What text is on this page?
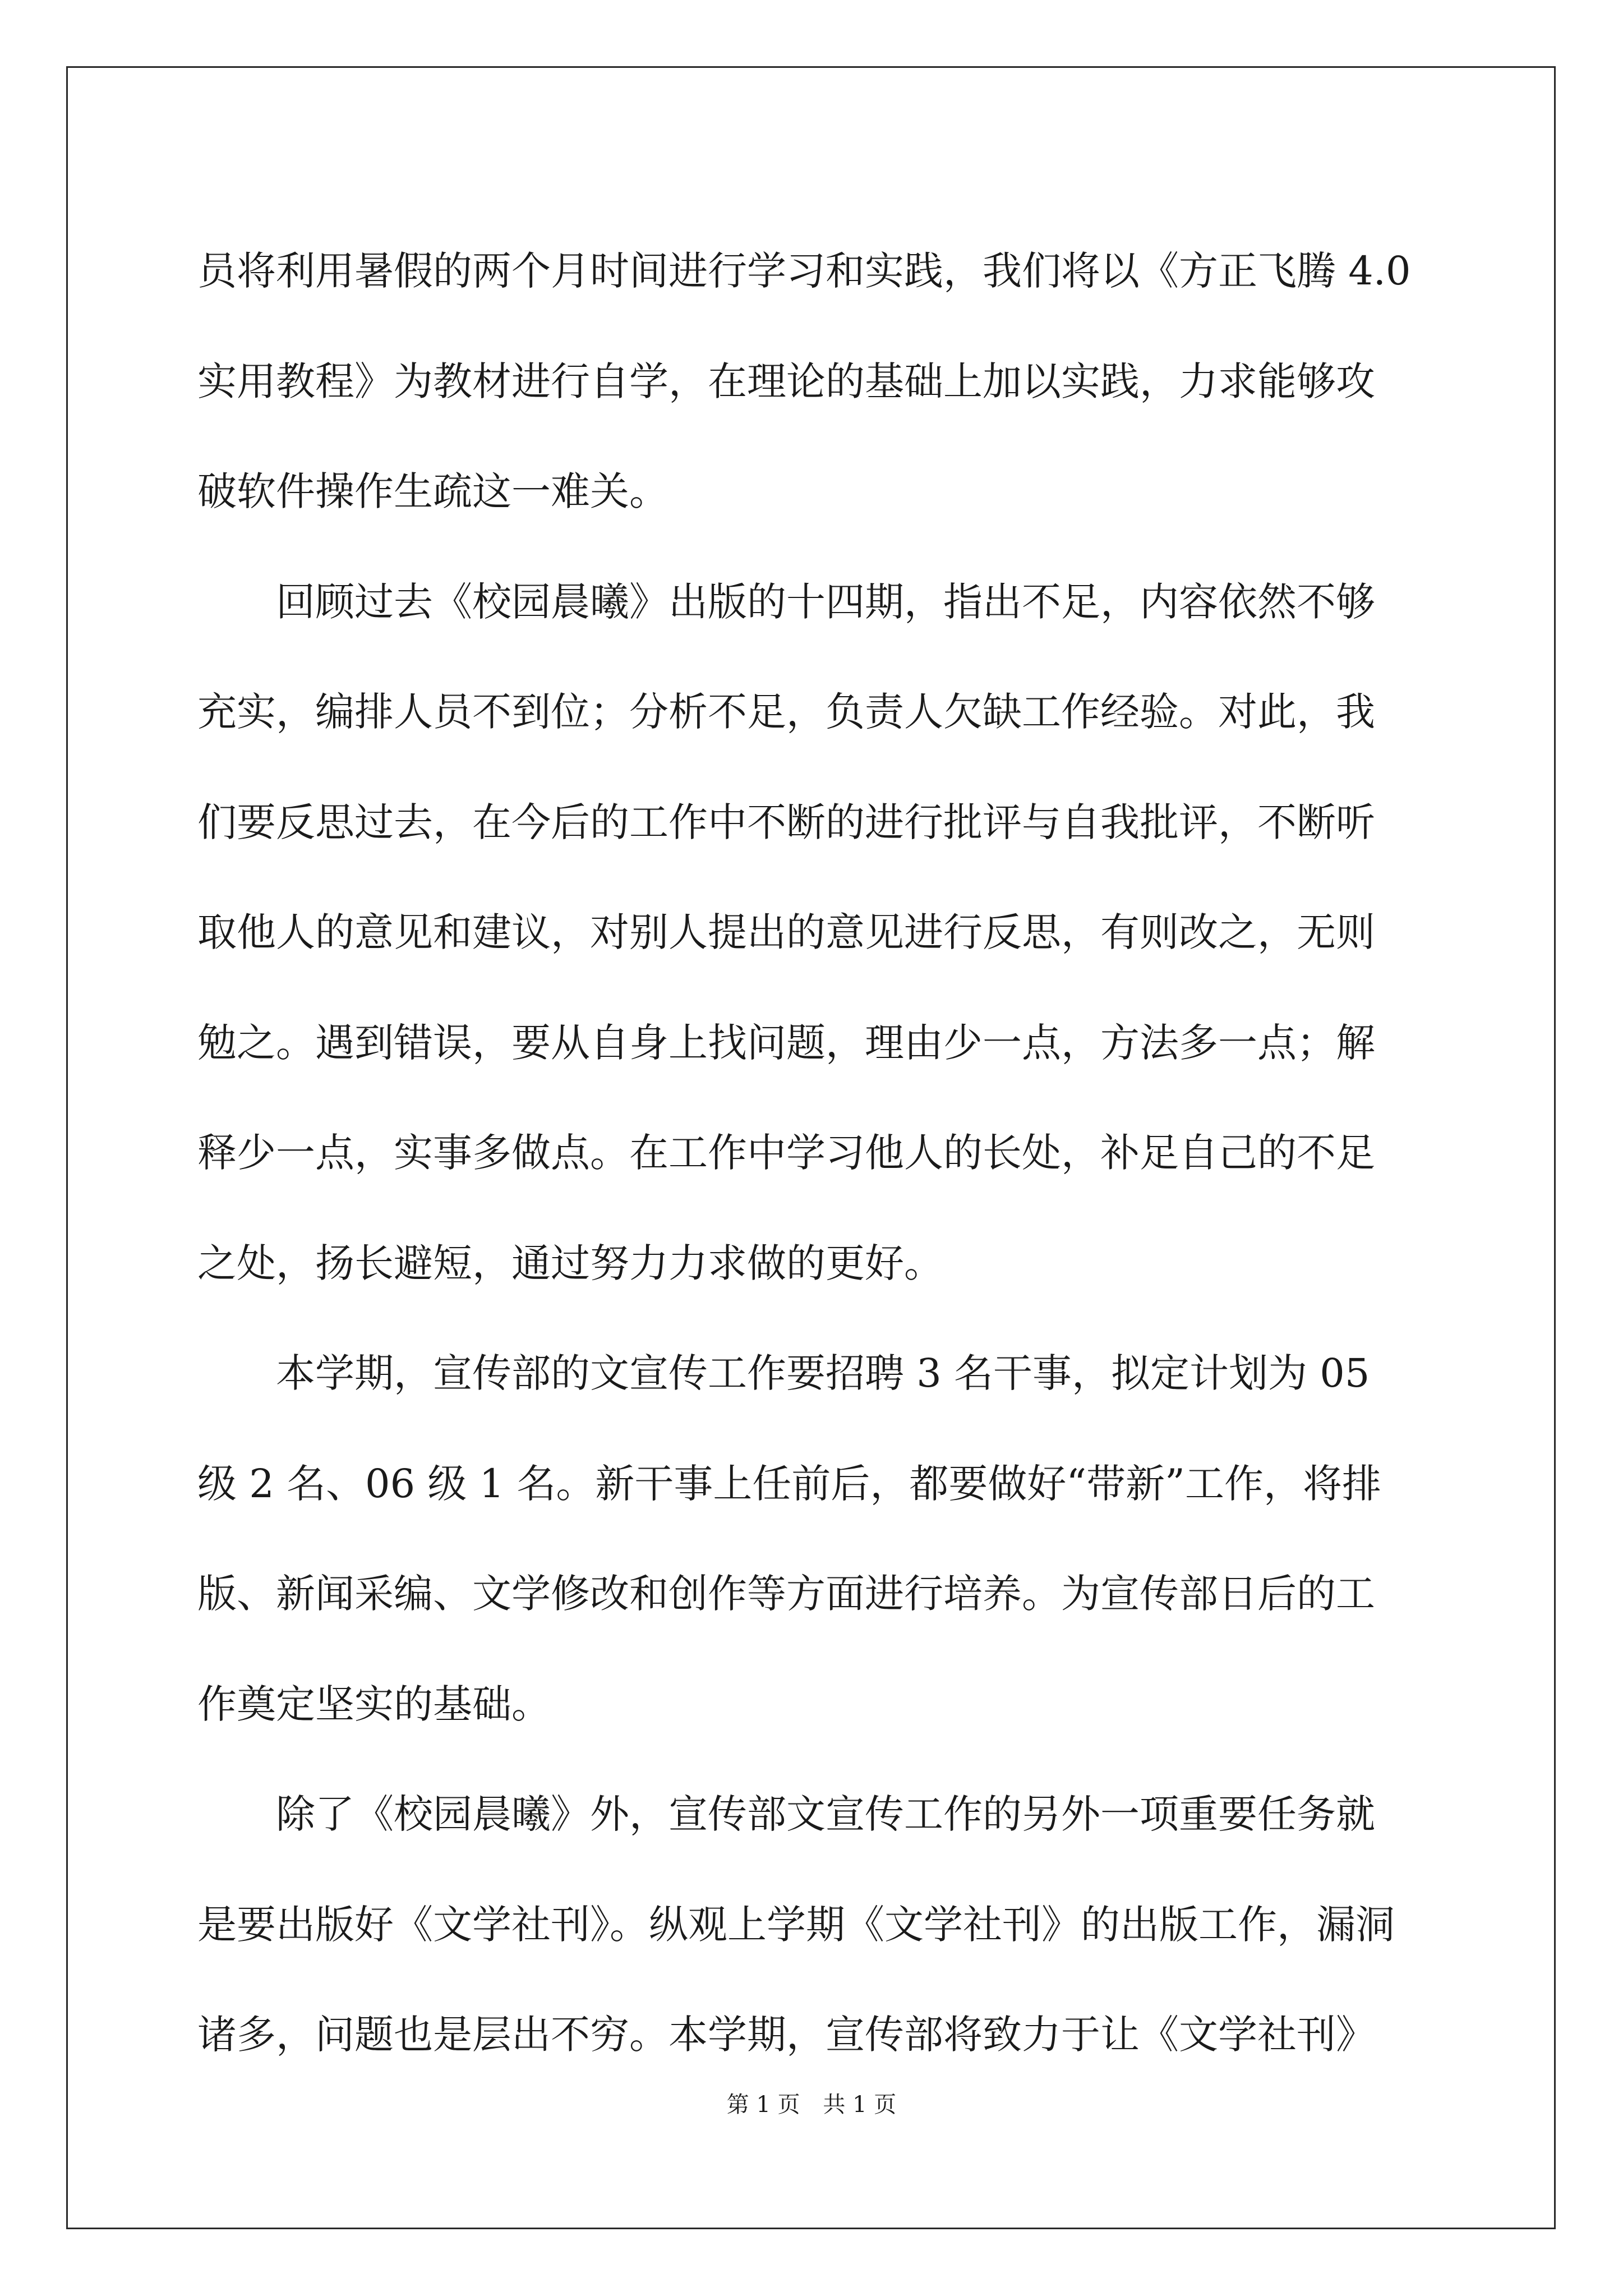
员将利用暑假的两个月时间进行学习和实践，我们将以《方正飞腾 4.0
实用教程》为教材进行自学，在理论的基础上加以实践，力求能够攻
破软件操作生疏这一难关。
　　回顾过去《校园晨曦》出版的十四期，指出不足，内容依然不够
充实，编排人员不到位；分析不足，负责人欠缺工作经验。对此，我
们要反思过去，在今后的工作中不断的进行批评与自我批评，不断听
取他人的意见和建议，对别人提出的意见进行反思，有则改之，无则
勉之。遇到错误，要从自身上找问题，理由少一点，方法多一点；解
释少一点，实事多做点。在工作中学习他人的长处，补足自己的不足
之处，扬长避短，通过努力力求做的更好。
　　本学期，宣传部的文宣传工作要招聘 3 名干事，拟定计划为 05
级 2 名、06 级 1 名。新干事上任前后，都要做好“带新”工作，将排
版、新闻采编、文学修改和创作等方面进行培养。为宣传部日后的工
作奠定坚实的基础。
　　除了《校园晨曦》外，宣传部文宣传工作的另外一项重要任务就
是要出版好《文学社刊》。纵观上学期《文学社刊》的出版工作，漏洞
诸多，问题也是层出不穷。本学期，宣传部将致力于让《文学社刊》
第 1 页 共 1 页
